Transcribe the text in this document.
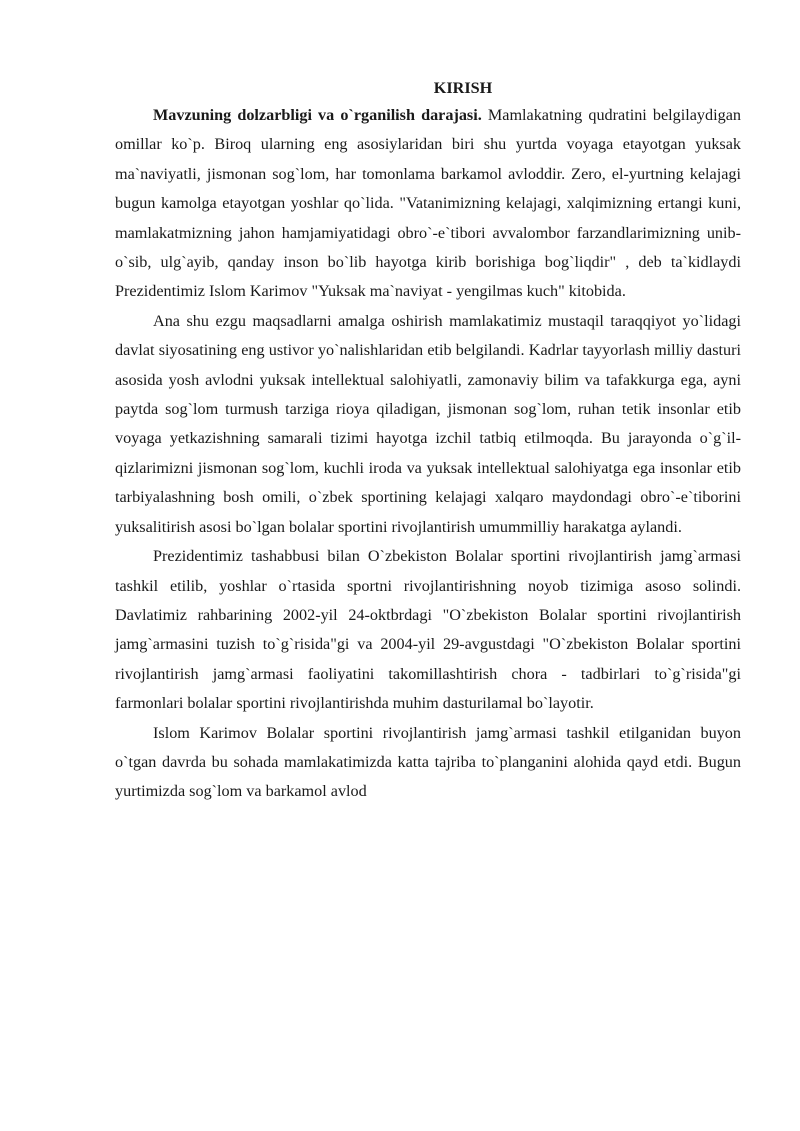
KIRISH

Mavzuning dolzarbligi va o`rganilish darajasi. Mamlakatning qudratini belgilaydigan omillar ko`p. Biroq ularning eng asosiylaridan biri shu yurtda voyaga etayotgan yuksak ma`naviyatli, jismonan sog`lom, har tomonlama barkamol avloddir. Zero, el-yurtning kelajagi bugun kamolga etayotgan yoshlar qo`lida. "Vatanimizning kelajagi, xalqimizning ertangi kuni, mamlakatmizning jahon hamjamiyatidagi obro`-e`tibori avvalombor farzandlarimizning unib-o`sib, ulg`ayib, qanday inson bo`lib hayotga kirib borishiga bog`liqdir" , deb ta`kidlaydi Prezidentimiz Islom Karimov "Yuksak ma`naviyat - yengilmas kuch" kitobida.

Ana shu ezgu maqsadlarni amalga oshirish mamlakatimiz mustaqil taraqqiyot yo`lidagi davlat siyosatining eng ustivor yo`nalishlaridan etib belgilandi. Kadrlar tayyorlash milliy dasturi asosida yosh avlodni yuksak intellektual salohiyatli, zamonaviy bilim va tafakkurga ega, ayni paytda sog`lom turmush tarziga rioya qiladigan, jismonan sog`lom, ruhan tetik insonlar etib voyaga yetkazishning samarali tizimi hayotga izchil tatbiq etilmoqda. Bu jarayonda o`g`il-qizlarimizni jismonan sog`lom, kuchli iroda va yuksak intellektual salohiyatga ega insonlar etib tarbiyalashning bosh omili, o`zbek sportining kelajagi xalqaro maydondagi obro`-e`tiborini yuksalitirish asosi bo`lgan bolalar sportini rivojlantirish umummilliy harakatga aylandi.

Prezidentimiz tashabbusi bilan O`zbekiston Bolalar sportini rivojlantirish jamg`armasi tashkil etilib, yoshlar o`rtasida sportni rivojlantirishning noyob tizimiga asoso solindi. Davlatimiz rahbarining 2002-yil 24-oktbrdagi "O`zbekiston Bolalar sportini rivojlantirish jamg`armasini tuzish to`g`risida"gi va 2004-yil 29-avgustdagi "O`zbekiston Bolalar sportini rivojlantirish jamg`armasi faoliyatini takomillashtirish chora - tadbirlari to`g`risida"gi farmonlari bolalar sportini rivojlantirishda muhim dasturilamal bo`layotir.

Islom Karimov Bolalar sportini rivojlantirish jamg`armasi tashkil etilganidan buyon o`tgan davrda bu sohada mamlakatimizda katta tajriba to`planganini alohida qayd etdi. Bugun yurtimizda sog`lom va barkamol avlod
